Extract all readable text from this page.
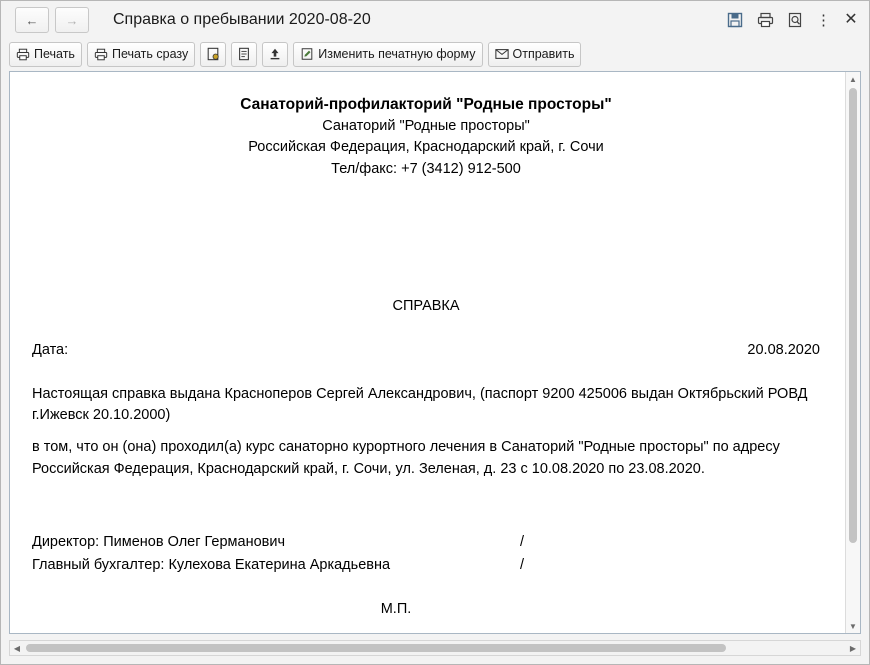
← → Справка о пребывании 2020-08-20	⋮ ✕
Печать	Печать сразу	Изменить печатную форму	Отправить
Санаторий-профилакторий "Родные просторы"
Санаторий "Родные просторы"
Российская Федерация, Краснодарский край, г. Сочи
Тел/факс: +7 (3412) 912-500
СПРАВКА
Дата:	20.08.2020
Настоящая справка выдана Красноперов Сергей Александрович, (паспорт 9200 425006 выдан Октябрьский РОВД г.Ижевск 20.10.2000)
в том, что он (она) проходил(а) курс санаторно курортного лечения в Санаторий "Родные просторы" по адресу Российская Федерация, Краснодарский край, г. Сочи, ул. Зеленая, д. 23 с 10.08.2020 по 23.08.2020.
Директор: Пименов Олег Германович	/
Главный бухгалтер: Кулехова Екатерина Аркадьевна	/
М.П.
▲
▼
◀	▶
